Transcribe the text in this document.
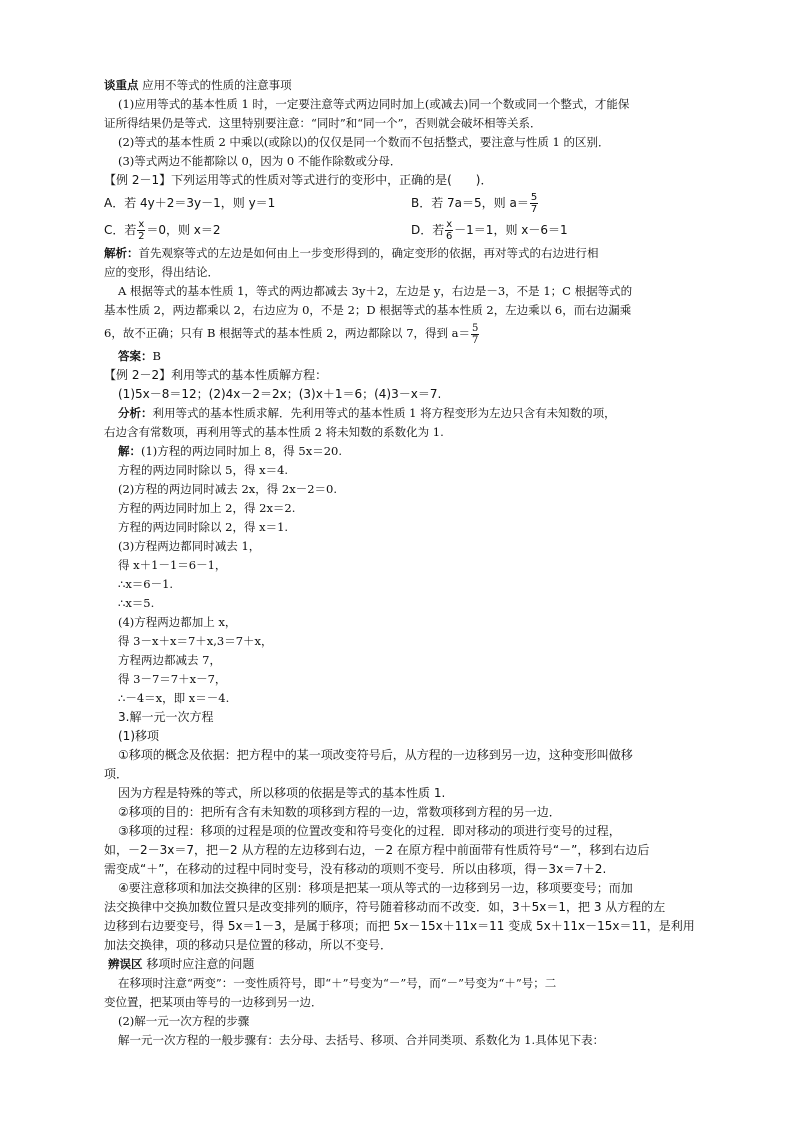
谈重点 应用不等式的性质的注意事项
(1)应用等式的基本性质 1 时，一定要注意等式两边同时加上(或减去)同一个数或同一个整式，才能保
证所得结果仍是等式．这里特别要注意：“同时”和“同一个”，否则就会破坏相等关系．
(2)等式的基本性质 2 中乘以(或除以)的仅仅是同一个数而不包括整式，要注意与性质 1 的区别．
(3)等式两边不能都除以 0，因为 0 不能作除数或分母．
【例 2－1】下列运用等式的性质对等式进行的变形中，正确的是(　　)．
A．若 4y＋2＝3y－1，则 y＝1	B．若 7a＝5，则 $a= \frac{5}{7}$
C．若 $\frac{x}{2} =0$，则 x＝2	D．若 $\frac{x}{6} -1=1$，则 x－6＝1
解析：首先观察等式的左边是如何由上一步变形得到的，确定变形的依据，再对等式的右边进行相
应的变形，得出结论．
A 根据等式的基本性质 1，等式的两边都减去 3y＋2，左边是 y，右边是－3，不是 1；C 根据等式的
基本性质 2，两边都乘以 2，右边应为 0，不是 2；D 根据等式的基本性质 2，左边乘以 6，而右边漏乘
6，故不正确；只有 B 根据等式的基本性质 2，两边都除以 7，得到 $a= \frac{5}{7}$
答案：B
【例 2－2】利用等式的基本性质解方程：
(1)5x－8＝12；(2)4x－2＝2x；(3)x＋1＝6；(4)3－x＝7.
分析：利用等式的基本性质求解．先利用等式的基本性质 1 将方程变形为左边只含有未知数的项，
右边含有常数项，再利用等式的基本性质 2 将未知数的系数化为 1.
解：(1)方程的两边同时加上 8，得 5x＝20.
方程的两边同时除以 5，得 x＝4.
(2)方程的两边同时减去 2x，得 2x－2＝0.
方程的两边同时加上 2，得 2x＝2.
方程的两边同时除以 2，得 x＝1.
(3)方程两边都同时减去 1，
得 x＋1－1＝6－1，
∴x＝6－1.
∴x＝5.
(4)方程两边都加上 x，
得 3－x＋x＝7＋x,3＝7＋x，
方程两边都减去 7，
得 3－7＝7＋x－7，
∴－4＝x，即 x＝－4.
3.解一元一次方程
(1)移项
①移项的概念及依据：把方程中的某一项改变符号后，从方程的一边移到另一边，这种变形叫做移
项．
因为方程是特殊的等式，所以移项的依据是等式的基本性质 1.
②移项的目的：把所有含有未知数的项移到方程的一边，常数项移到方程的另一边．
③移项的过程：移项的过程是项的位置改变和符号变化的过程．即对移动的项进行变号的过程，
如，－2－3x＝7，把－2 从方程的左边移到右边，－2 在原方程中前面带有性质符号“－”，移到右边后
需变成“＋”，在移动的过程中同时变号，没有移动的项则不变号．所以由移项，得－3x＝7＋2.
④要注意移项和加法交换律的区别：移项是把某一项从等式的一边移到另一边，移项要变号；而加
法交换律中交换加数位置只是改变排列的顺序，符号随着移动而不改变．如，3＋5x＝1，把 3 从方程的左
边移到右边要变号，得 5x＝1－3，是属于移项；而把 5x－15x＋11x＝11 变成 5x＋11x－15x＝11，是利用
加法交换律，项的移动只是位置的移动，所以不变号．
辨误区 移项时应注意的问题
在移项时注意“两变”：一变性质符号，即“＋”号变为“－”号，而“－”号变为“＋”号；二
变位置，把某项由等号的一边移到另一边．
(2)解一元一次方程的步骤
解一元一次方程的一般步骤有：去分母、去括号、移项、合并同类项、系数化为 1.具体见下表：
